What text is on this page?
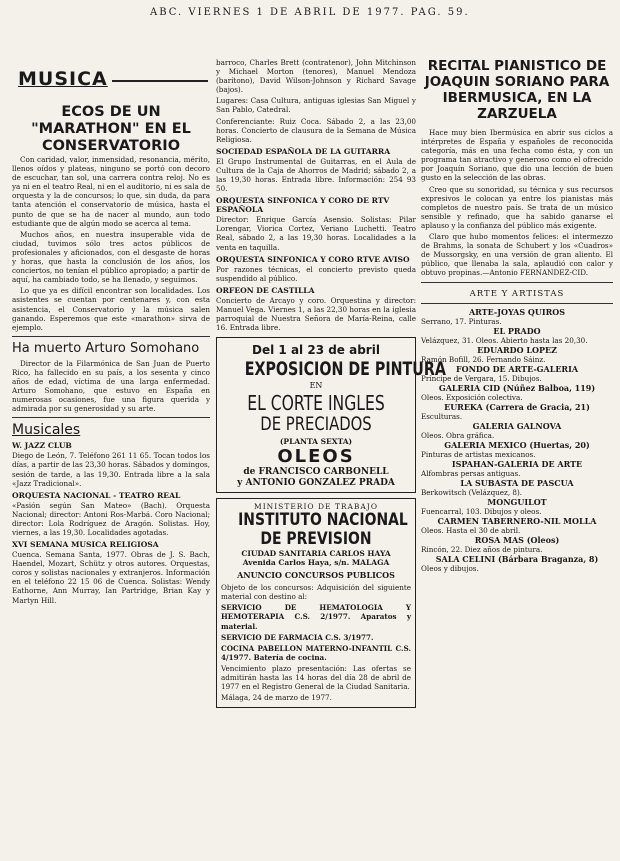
ABC. VIERNES 1 DE ABRIL DE 1977. PAG. 59.
MUSICA
ECOS DE UN "MARATHON" EN EL CONSERVATORIO

Con caridad, valor, inmensidad, resonancia, mérito, llenos oídos y plateas, ninguno se portó con decoro de escuchar, tan sol, una carrera contra reloj. No es ya ni en el teatro Real, ni en el auditorio, ni es sala de orquesta y la de concursos; lo que, sin duda, da para tanta atención el conservatorio de música, hasta el punto de que se ha de nacer al mundo, aun todo estudiante que de algún modo se acerca al tema.

Muchos años, en nuestra insuperable vida de ciudad, tuvimos sólo tres actos públicos de profesionales y aficionados, con el desgaste de horas y horas, que hasta la conclusión de los años, los conciertos, no tenían el público apropiado; a partir de aquí, ha cambiado todo, se ha llenado, y seguimos.

Lo que ya es difícil encontrar son localidades. Los asistentes se cuentan por centenares y, con esta asistencia, el Conservatorio y la música salen ganando. Esperemos que este «marathon» sirva de ejemplo.

Ha muerto Arturo Somohano

Director de la Filarmónica de San Juan de Puerto Rico, ha fallecido en su país, a los sesenta y cinco años de edad, víctima de una larga enfermedad. Arturo Somohano, que estuvo en España en numerosas ocasiones, fue una figura querida y admirada por su generosidad y su arte.

Musicales
W. JAZZ CLUB

Diego de León, 7. Teléfono 261 11 65. Tocan todos los días, a partir de las 23,30 horas. Sábados y domingos, sesión de tarde, a las 19,30. Entrada libre a la sala «Jazz Tradicional».

ORQUESTA NACIONAL - TEATRO REAL

«Pasión según San Mateo» (Bach). Orquesta Nacional; director: Antoni Ros-Marbá. Coro Nacional; director: Lola Rodríguez de Aragón. Solistas. Hoy, viernes, a las 19,30. Localidades agotadas.

XVI SEMANA MUSICA RELIGIOSA

Cuenca. Semana Santa, 1977. Obras de J. S. Bach, Haendel, Mozart, Schütz y otros autores. Orquestas, coros y solistas nacionales y extranjeros. Información en el teléfono 22 15 06 de Cuenca. Solistas: Wendy Eathorne, Ann Murray, Ian Partridge, Brian Kay y Martyn Hill.

barroco, Charles Brett (contratenor), John Mitchinson y Michael Morton (tenores), Manuel Mendoza (barítono), David Wilson-Johnson y Richard Savage (bajos).

Lugares: Casa Cultura, antiguas iglesias San Miguel y San Pablo, Catedral.

Conferenciante: Ruiz Coca. Sábado 2, a las 23,00 horas. Concierto de clausura de la Semana de Música Religiosa.

SOCIEDAD ESPAÑOLA DE LA GUITARRA

El Grupo Instrumental de Guitarras, en el Aula de Cultura de la Caja de Ahorros de Madrid; sábado 2, a las 19,30 horas. Entrada libre. Información: 254 93 50.

ORQUESTA SINFONICA Y CORO DE RTV ESPAÑOLA

Director: Enrique García Asensio. Solistas: Pilar Lorengar, Viorica Cortez, Veriano Luchetti. Teatro Real, sábado 2, a las 19,30 horas. Localidades a la venta en taquilla.

ORQUESTA SINFONICA Y CORO RTVE AVISO

Por razones técnicas, el concierto previsto queda suspendido al público.

ORFEON DE CASTILLA

Concierto de Arcayo y coro. Orquestina y director: Manuel Vega. Viernes 1, a las 22,30 horas en la iglesia parroquial de Nuestra Señora de María-Reina, calle 16. Entrada libre.

Del 1 al 23 de abril
EXPOSICION DE PINTURA
EN
EL CORTE INGLES
DE PRECIADOS
(PLANTA SEXTA)
OLEOS
de FRANCISCO CARBONELL
y ANTONIO GONZALEZ PRADA
MINISTERIO DE TRABAJO
INSTITUTO NACIONAL
DE PREVISION
CIUDAD SANITARIA CARLOS HAYA
Avenida Carlos Haya, s/n. MALAGA
ANUNCIO CONCURSOS PUBLICOS

Objeto de los concursos: Adquisición del siguiente material con destino al:

SERVICIO DE HEMATOLOGIA Y HEMOTERAPIA C.S. 2/1977. Aparatos y material.

SERVICIO DE FARMACIA C.S. 3/1977.

COCINA PABELLON MATERNO-INFANTIL C.S. 4/1977. Batería de cocina.

Vencimiento plazo presentación: Las ofertas se admitirán hasta las 14 horas del día 28 de abril de 1977 en el Registro General de la Ciudad Sanitaria.

Málaga, 24 de marzo de 1977.

RECITAL PIANISTICO DE JOAQUIN SORIANO PARA IBERMUSICA, EN LA ZARZUELA

Hace muy bien Ibermúsica en abrir sus ciclos a intérpretes de España y españoles de reconocida categoría, más en una fecha como ésta, y con un programa tan atractivo y generoso como el ofrecido por Joaquín Soriano, que dio una lección de buen gusto en la selección de las obras.

Creo que su sonoridad, su técnica y sus recursos expresivos le colocan ya entre los pianistas más completos de nuestro país. Se trata de un músico sensible y refinado, que ha sabido ganarse el aplauso y la confianza del público más exigente.

Claro que hubo momentos felices: el intermezzo de Brahms, la sonata de Schubert y los «Cuadros» de Mussorgsky, en una versión de gran aliento. El público, que llenaba la sala, aplaudió con calor y obtuvo propinas.—Antonio FERNANDEZ-CID.

ARTE Y ARTISTAS
ARTE-JOYAS QUIROS
Serrano, 17. Pinturas.
EL PRADO
Velázquez, 31. Oleos. Abierto hasta las 20,30.
EDUARDO LOPEZ
Ramón Bofill, 26. Fernando Sáinz.
FONDO DE ARTE-GALERIA
Príncipe de Vergara, 15. Dibujos.
GALERIA CID (Núñez Balboa, 119)
Oleos. Exposición colectiva.
EUREKA (Carrera de Gracia, 21)
Esculturas.
GALERIA GALNOVA
Oleos. Obra gráfica.
GALERIA MEXICO (Huertas, 20)
Pinturas de artistas mexicanos.
ISPAHAN-GALERIA DE ARTE
Alfombras persas antiguas.
LA SUBASTA DE PASCUA
Berkowitsch (Velázquez, 8).
MONGUILOT
Fuencarral, 103. Dibujos y oleos.
CARMEN TABERNERO-NIL MOLLA
Oleos. Hasta el 30 de abril.
ROSA MAS (Oleos)
Rincón, 22. Diez años de pintura.
SALA CELINI (Bárbara Braganza, 8)
Oleos y dibujos.
